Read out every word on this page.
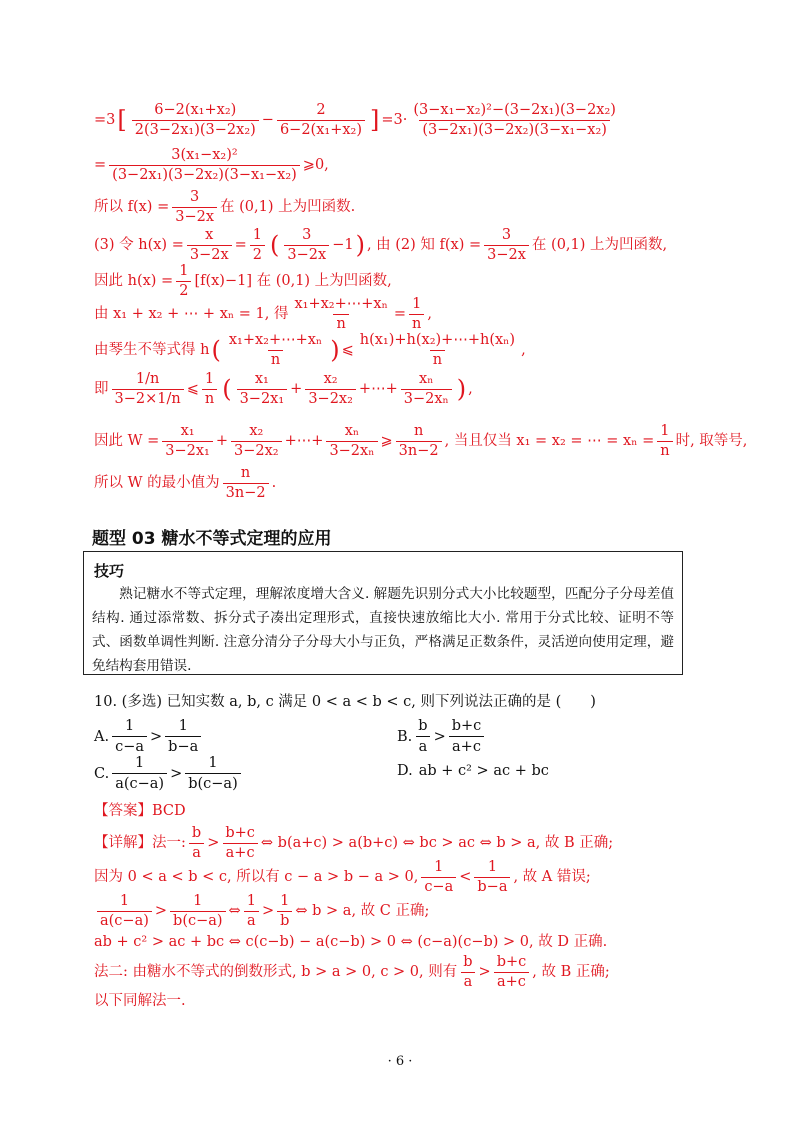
=3 [ $\frac{\text{6−2(x₁+x₂)}}{\text{2(3−2x₁)(3−2x₂)}} - \frac{2}{\text{6−2(x₁+x₂)}}$ ] $=3\cdot \frac{\text{(3−x₁−x₂)²−(3−2x₁)(3−2x₂)}}{\text{(3−2x₁)(3−2x₂)(3−x₁−x₂)}}$
= $\frac{\text{3(x₁−x₂)²}}{\text{(3−2x₁)(3−2x₂)(3−x₁−x₂)}}$ ⩾0,
所以 $f(x) = \frac{3}{3-2x}$ 在 (0,1) 上为凹函数.
(3) 令 $h(x) = \frac{x}{3-2x} = \frac{1}{2}$ ( $\frac{3}{3-2x} -1$ ) , 由 (2) 知 $f(x) = \frac{3}{3-2x}$ 在 (0,1) 上为凹函数,
因此 $h(x) = \frac{1}{2} [f(x)-1]$ 在 (0,1) 上为凹函数,
由 x₁ + x₂ + ⋯ + xₙ = 1, 得 $\frac{\text{x₁+x₂+⋯+xₙ}}{n} = \frac{1}{n}$ ,
由琴生不等式得 h ( $\frac{\text{x₁+x₂+⋯+xₙ}}{n}$ ) ⩽ $\frac{\text{h(x₁)+h(x₂)+⋯+h(xₙ)}}{n}$ ,
即 $\frac{1/n}{3-2\times 1/n}$ ⩽ $\frac{1}{n}$ ( $\frac{\text{x₁}}{\text{3−2x₁}} + \frac{\text{x₂}}{\text{3−2x₂}}$ +⋯+ $\frac{\text{xₙ}}{\text{3−2xₙ}}$ ) ,
因此 $W = \frac{\text{x₁}}{\text{3−2x₁}} + \frac{\text{x₂}}{\text{3−2x₂}}$ +⋯+ $\frac{\text{xₙ}}{\text{3−2xₙ}}$ ⩾ $\frac{n}{3n-2}$ , 当且仅当 x₁ = x₂ = ⋯ = $x_n = \frac{1}{n}$ 时, 取等号,
所以 W 的最小值为 $\frac{n}{3n-2}$ .
题型 03 糖水不等式定理的应用
技巧
熟记糖水不等式定理，理解浓度增大含义. 解题先识别分式大小比较题型，匹配分子分母差值结构. 通过添常数、拆分式子凑出定理形式，直接快速放缩比大小. 常用于分式比较、证明不等式、函数单调性判断. 注意分清分子分母大小与正负，严格满足正数条件，灵活逆向使用定理，避免结构套用错误.
10. (多选) 已知实数 a, b, c 满足 0 < a < b < c, 则下列说法正确的是 (　　)
A. $\frac{1}{c-a} > \frac{1}{b-a}$	B. $\frac{b}{a} > \frac{b+c}{a+c}$
C. $\frac{1}{a(c-a)} > \frac{1}{b(c-a)}$	D. ab + c² > ac + bc
【答案】BCD
【详解】法一: $\frac{b}{a} > \frac{b+c}{a+c}$ ⇔ b(a+c) > a(b+c) ⇔ bc > ac ⇔ b > a, 故 B 正确;
因为 0 < a < b < c, 所以有 c − a > b − a > 0, $\frac{1}{c-a} < \frac{1}{b-a}$ , 故 A 错误;
$\frac{1}{a(c-a)} > \frac{1}{b(c-a)}$ ⇔ $\frac{1}{a} > \frac{1}{b}$ ⇔ b > a, 故 C 正确;
ab + c² > ac + bc ⇔ c(c−b) − a(c−b) > 0 ⇔ (c−a)(c−b) > 0, 故 D 正确.
法二: 由糖水不等式的倒数形式, b > a > 0, c > 0, 则有 $\frac{b}{a} > \frac{b+c}{a+c}$ , 故 B 正确;
以下同解法一.
· 6 ·
